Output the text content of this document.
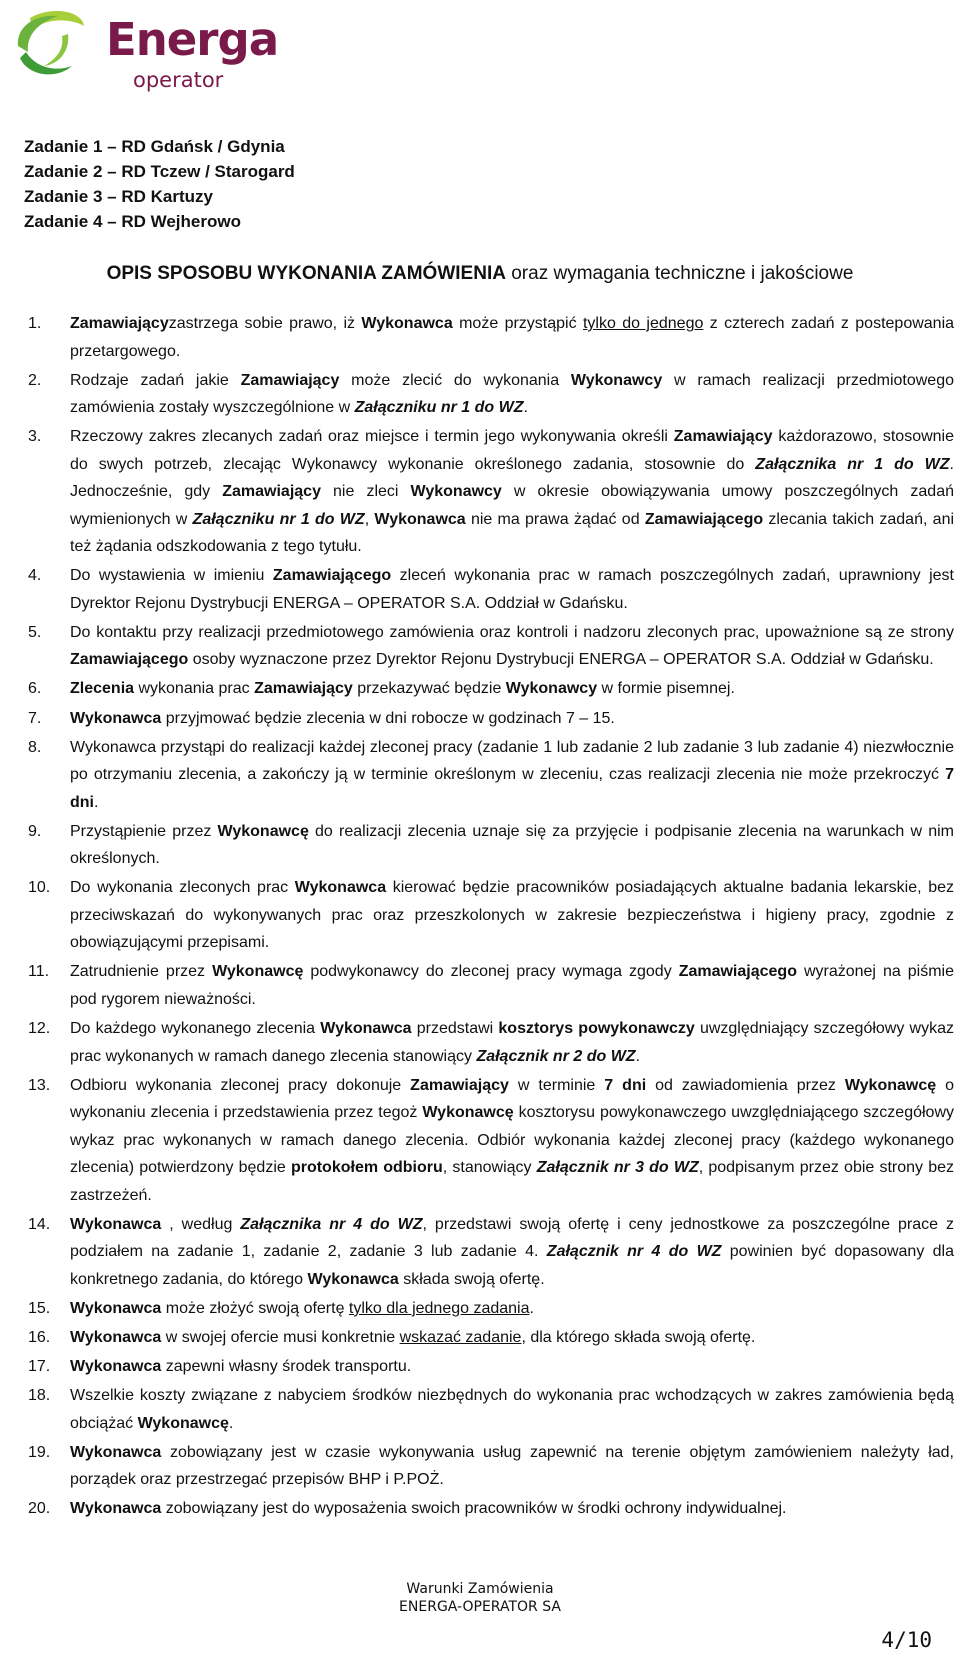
Energa
operator
Zadanie 1 – RD Gdańsk / Gdynia
Zadanie 2 – RD Tczew / Starogard
Zadanie 3 – RD Kartuzy
Zadanie 4 – RD Wejherowo
OPIS SPOSOBU WYKONANIA ZAMÓWIENIA oraz wymagania techniczne i jakościowe
1.	Zamawiającyzastrzega sobie prawo, iż Wykonawca może przystąpić tylko do jednego z czterech zadań z postepowania przetargowego.
2.	Rodzaje zadań jakie Zamawiający może zlecić do wykonania Wykonawcy w ramach realizacji przedmiotowego zamówienia zostały wyszczególnione w Załączniku nr 1 do WZ.
3.	Rzeczowy zakres zlecanych zadań oraz miejsce i termin jego wykonywania określi Zamawiający każdorazowo, stosownie do swych potrzeb, zlecając Wykonawcy wykonanie określonego zadania, stosownie do Załącznika nr 1 do WZ. Jednocześnie, gdy Zamawiający nie zleci Wykonawcy w okresie obowiązywania umowy poszczególnych zadań wymienionych w Załączniku nr 1 do WZ, Wykonawca nie ma prawa żądać od Zamawiającego zlecania takich zadań, ani też żądania odszkodowania z tego tytułu.
4.	Do wystawienia w imieniu Zamawiającego zleceń wykonania prac w ramach poszczególnych zadań, uprawniony jest Dyrektor Rejonu Dystrybucji ENERGA – OPERATOR S.A. Oddział w Gdańsku.
5.	Do kontaktu przy realizacji przedmiotowego zamówienia oraz kontroli i nadzoru zleconych prac, upoważnione są ze strony Zamawiającego osoby wyznaczone przez Dyrektor Rejonu Dystrybucji ENERGA – OPERATOR S.A. Oddział w Gdańsku.
6.	Zlecenia wykonania prac Zamawiający przekazywać będzie Wykonawcy w formie pisemnej.
7.	Wykonawca przyjmować będzie zlecenia w dni robocze w godzinach 7 – 15.
8.	Wykonawca przystąpi do realizacji każdej zleconej pracy (zadanie 1 lub zadanie 2 lub zadanie 3 lub zadanie 4) niezwłocznie po otrzymaniu zlecenia, a zakończy ją w terminie określonym w zleceniu, czas realizacji zlecenia nie może przekroczyć 7 dni.
9.	Przystąpienie przez Wykonawcę do realizacji zlecenia uznaje się za przyjęcie i podpisanie zlecenia na warunkach w nim określonych.
10.	Do wykonania zleconych prac Wykonawca kierować będzie pracowników posiadających aktualne badania lekarskie, bez przeciwskazań do wykonywanych prac oraz przeszkolonych w zakresie bezpieczeństwa i higieny pracy, zgodnie z obowiązującymi przepisami.
11.	Zatrudnienie przez Wykonawcę podwykonawcy do zleconej pracy wymaga zgody Zamawiającego wyrażonej na piśmie pod rygorem nieważności.
12.	Do każdego wykonanego zlecenia Wykonawca przedstawi kosztorys powykonawczy uwzględniający szczegółowy wykaz prac wykonanych w ramach danego zlecenia stanowiący Załącznik nr 2 do WZ.
13.	Odbioru wykonania zleconej pracy dokonuje Zamawiający w terminie 7 dni od zawiadomienia przez Wykonawcę o wykonaniu zlecenia i przedstawienia przez tegoż Wykonawcę kosztorysu powykonawczego uwzględniającego szczegółowy wykaz prac wykonanych w ramach danego zlecenia. Odbiór wykonania każdej zleconej pracy (każdego wykonanego zlecenia) potwierdzony będzie protokołem odbioru, stanowiący Załącznik nr 3 do WZ, podpisanym przez obie strony bez zastrzeżeń.
14.	Wykonawca , według Załącznika nr 4 do WZ, przedstawi swoją ofertę i ceny jednostkowe za poszczególne prace z podziałem na zadanie 1, zadanie 2, zadanie 3 lub zadanie 4. Załącznik nr 4 do WZ powinien być dopasowany dla konkretnego zadania, do którego Wykonawca składa swoją ofertę.
15.	Wykonawca może złożyć swoją ofertę tylko dla jednego zadania.
16.	Wykonawca w swojej ofercie musi konkretnie wskazać zadanie, dla którego składa swoją ofertę.
17.	Wykonawca zapewni własny środek transportu.
18.	Wszelkie koszty związane z nabyciem środków niezbędnych do wykonania prac wchodzących w zakres zamówienia będą obciążać Wykonawcę.
19.	Wykonawca zobowiązany jest w czasie wykonywania usług zapewnić na terenie objętym zamówieniem należyty ład, porządek oraz przestrzegać przepisów BHP i P.POŻ.
20.	Wykonawca zobowiązany jest do wyposażenia swoich pracowników w środki ochrony indywidualnej.
Warunki Zamówienia
ENERGA-OPERATOR SA
4/10
